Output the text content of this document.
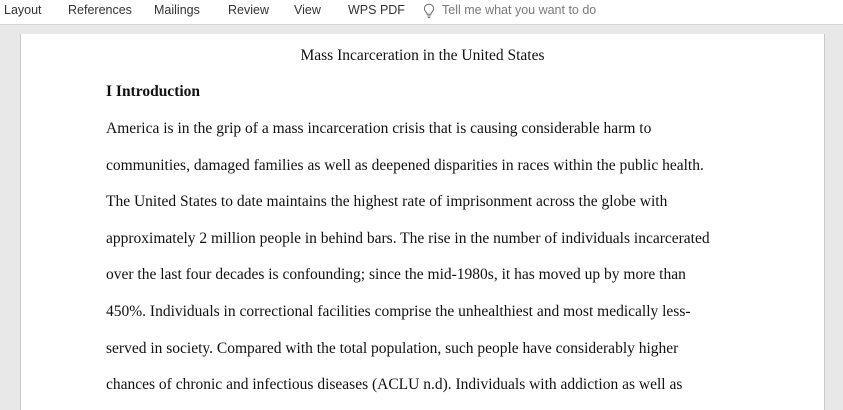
Layout References Mailings Review View WPS PDF	Tell me what you want to do
Mass Incarceration in the United States
I Introduction
America is in the grip of a mass incarceration crisis that is causing considerable harm to
communities, damaged families as well as deepened disparities in races within the public health.
The United States to date maintains the highest rate of imprisonment across the globe with
approximately 2 million people in behind bars. The rise in the number of individuals incarcerated
over the last four decades is confounding; since the mid-1980s, it has moved up by more than
450%. Individuals in correctional facilities comprise the unhealthiest and most medically less-
served in society. Compared with the total population, such people have considerably higher
chances of chronic and infectious diseases (ACLU n.d). Individuals with addiction as well as
